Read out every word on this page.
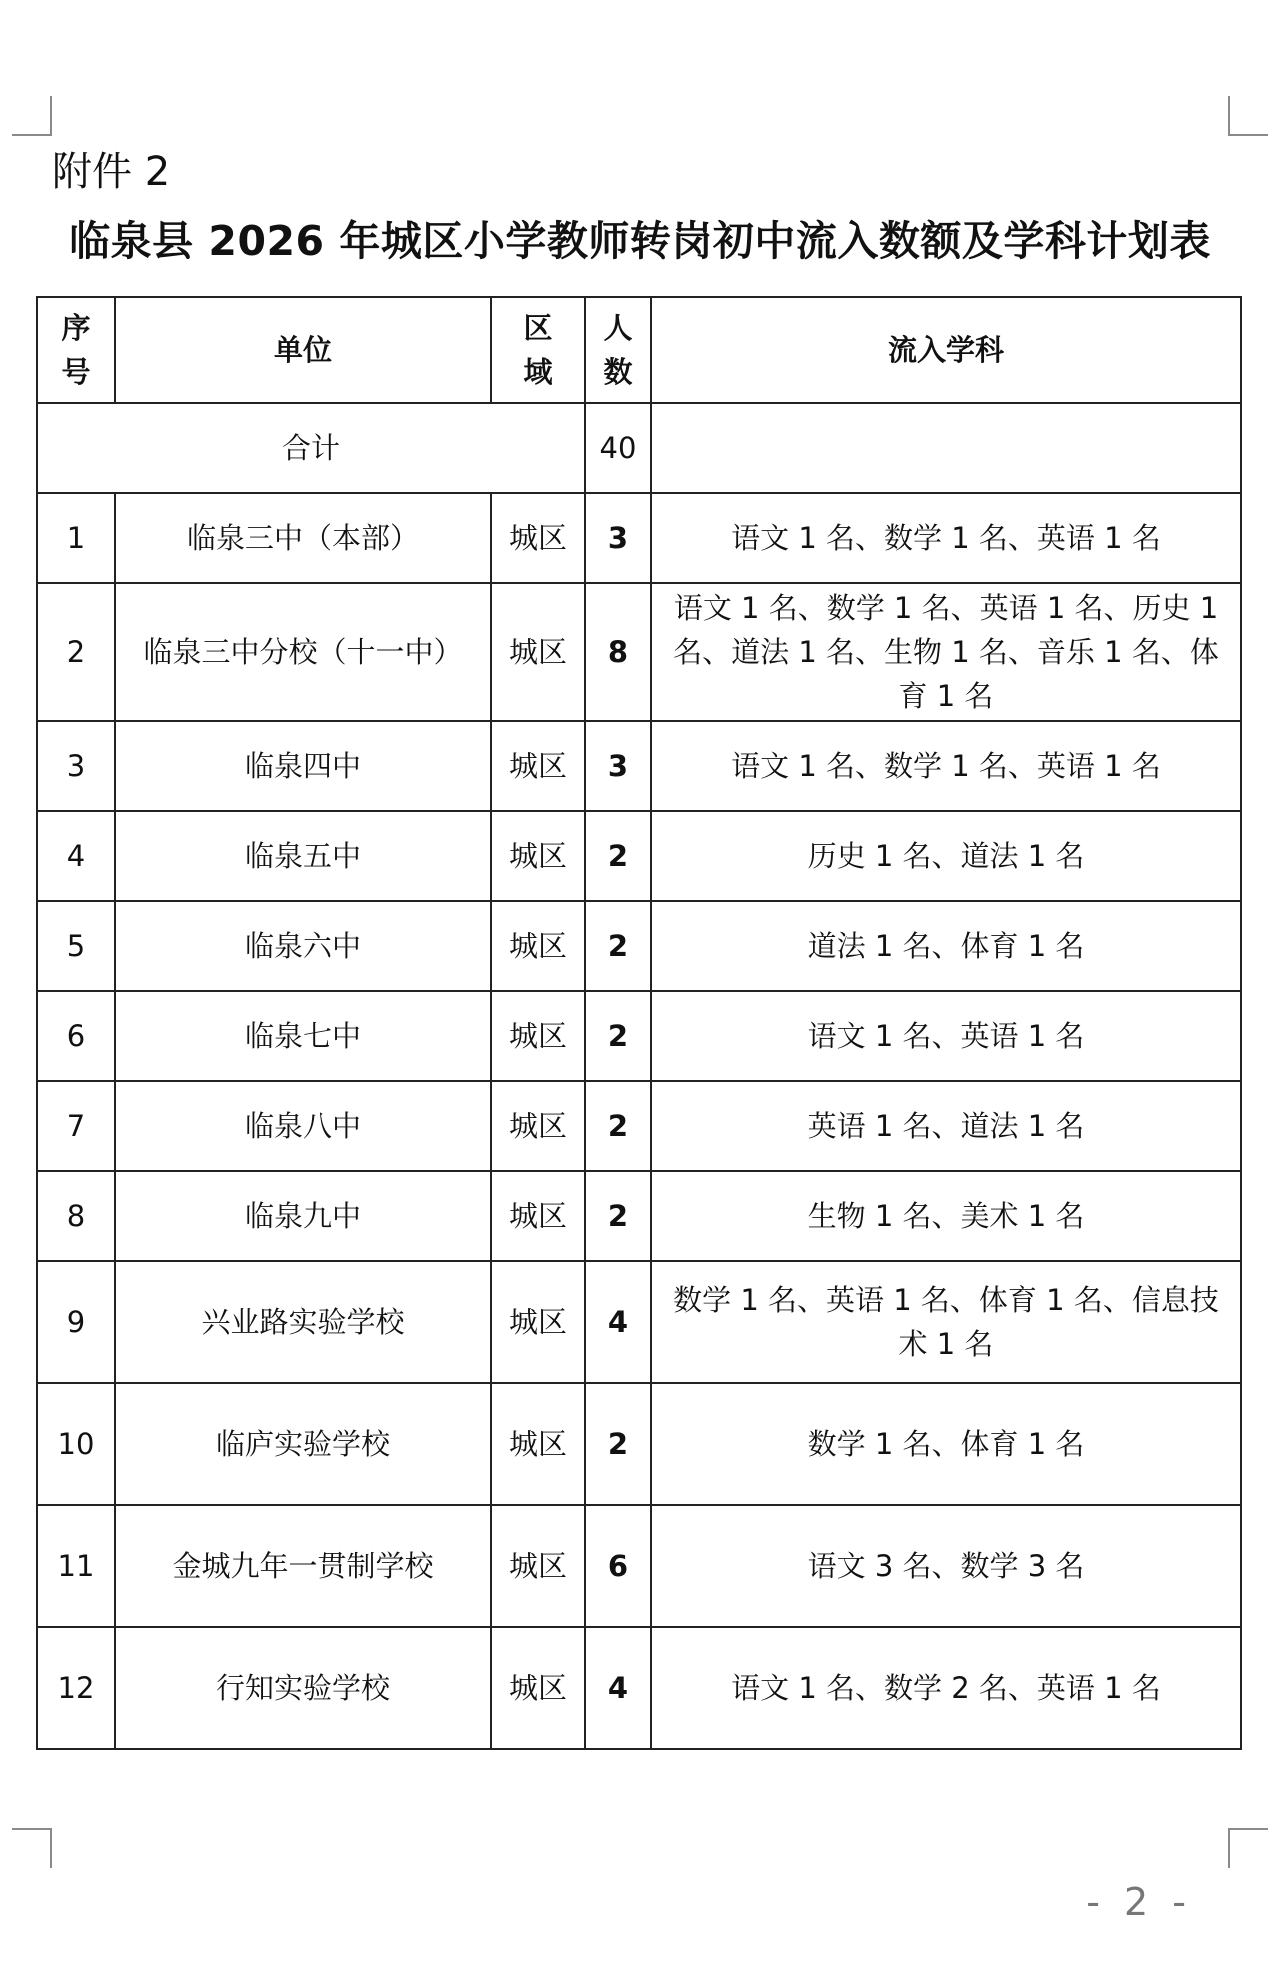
附件 2
临泉县 2026 年城区小学教师转岗初中流入数额及学科计划表
序号	单位	区域	人数	流入学科
合计			40	
1	临泉三中（本部）	城区	3	语文 1 名、数学 1 名、英语 1 名
2	临泉三中分校（十一中）	城区	8	语文 1 名、数学 1 名、英语 1 名、历史 1 名、道法 1 名、生物 1 名、音乐 1 名、体育 1 名
3	临泉四中	城区	3	语文 1 名、数学 1 名、英语 1 名
4	临泉五中	城区	2	历史 1 名、道法 1 名
5	临泉六中	城区	2	道法 1 名、体育 1 名
6	临泉七中	城区	2	语文 1 名、英语 1 名
7	临泉八中	城区	2	英语 1 名、道法 1 名
8	临泉九中	城区	2	生物 1 名、美术 1 名
9	兴业路实验学校	城区	4	数学 1 名、英语 1 名、体育 1 名、信息技术 1 名
10	临庐实验学校	城区	2	数学 1 名、体育 1 名
11	金城九年一贯制学校	城区	6	语文 3 名、数学 3 名
12	行知实验学校	城区	4	语文 1 名、数学 2 名、英语 1 名
- 2 -
